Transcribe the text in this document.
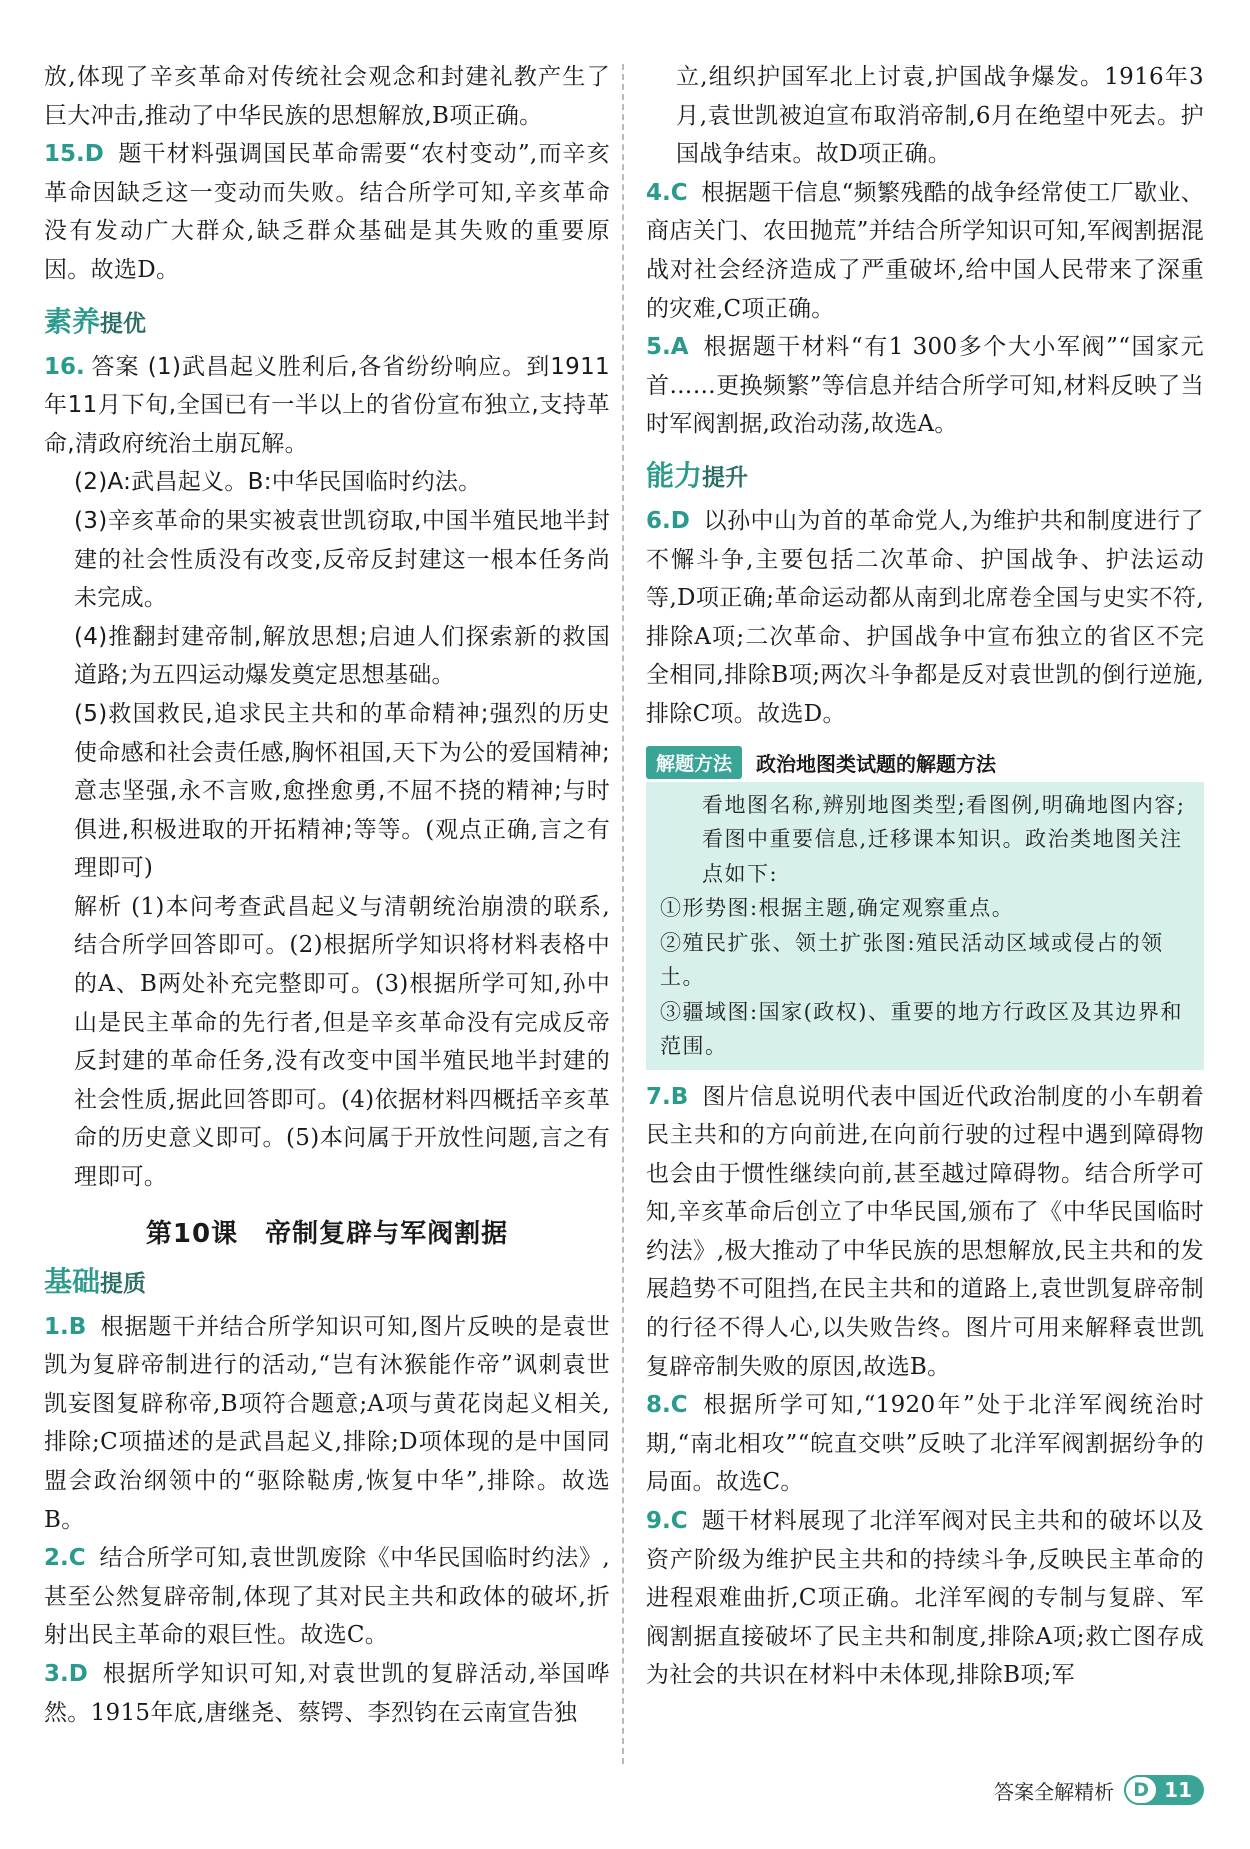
放,体现了辛亥革命对传统社会观念和封建礼教产生了巨大冲击,推动了中华民族的思想解放,B项正确。

15.D 题干材料强调国民革命需要“农村变动”,而辛亥革命因缺乏这一变动而失败。结合所学可知,辛亥革命没有发动广大群众,缺乏群众基础是其失败的重要原因。故选D。

素养提优

16. 答案 (1)武昌起义胜利后,各省纷纷响应。到1911年11月下旬,全国已有一半以上的省份宣布独立,支持革命,清政府统治土崩瓦解。

(2)A:武昌起义。B:中华民国临时约法。

(3)辛亥革命的果实被袁世凯窃取,中国半殖民地半封建的社会性质没有改变,反帝反封建这一根本任务尚未完成。

(4)推翻封建帝制,解放思想;启迪人们探索新的救国道路;为五四运动爆发奠定思想基础。

(5)救国救民,追求民主共和的革命精神;强烈的历史使命感和社会责任感,胸怀祖国,天下为公的爱国精神;意志坚强,永不言败,愈挫愈勇,不屈不挠的精神;与时俱进,积极进取的开拓精神;等等。(观点正确,言之有理即可)

解析 (1)本问考查武昌起义与清朝统治崩溃的联系,结合所学回答即可。(2)根据所学知识将材料表格中的A、B两处补充完整即可。(3)根据所学可知,孙中山是民主革命的先行者,但是辛亥革命没有完成反帝反封建的革命任务,没有改变中国半殖民地半封建的社会性质,据此回答即可。(4)依据材料四概括辛亥革命的历史意义即可。(5)本问属于开放性问题,言之有理即可。

第10课　帝制复辟与军阀割据
基础提质

1.B 根据题干并结合所学知识可知,图片反映的是袁世凯为复辟帝制进行的活动,“岂有沐猴能作帝”讽刺袁世凯妄图复辟称帝,B项符合题意;A项与黄花岗起义相关,排除;C项描述的是武昌起义,排除;D项体现的是中国同盟会政治纲领中的“驱除鞑虏,恢复中华”,排除。故选B。

2.C 结合所学可知,袁世凯废除《中华民国临时约法》,甚至公然复辟帝制,体现了其对民主共和政体的破坏,折射出民主革命的艰巨性。故选C。

3.D 根据所学知识可知,对袁世凯的复辟活动,举国哗然。1915年底,唐继尧、蔡锷、李烈钧在云南宣告独

立,组织护国军北上讨袁,护国战争爆发。1916年3月,袁世凯被迫宣布取消帝制,6月在绝望中死去。护国战争结束。故D项正确。

4.C 根据题干信息“频繁残酷的战争经常使工厂歇业、商店关门、农田抛荒”并结合所学知识可知,军阀割据混战对社会经济造成了严重破坏,给中国人民带来了深重的灾难,C项正确。

5.A 根据题干材料“有1 300多个大小军阀”“国家元首……更换频繁”等信息并结合所学可知,材料反映了当时军阀割据,政治动荡,故选A。

能力提升

6.D 以孙中山为首的革命党人,为维护共和制度进行了不懈斗争,主要包括二次革命、护国战争、护法运动等,D项正确;革命运动都从南到北席卷全国与史实不符,排除A项;二次革命、护国战争中宣布独立的省区不完全相同,排除B项;两次斗争都是反对袁世凯的倒行逆施,排除C项。故选D。

解题方法	政治地图类试题的解题方法

看地图名称,辨别地图类型;看图例,明确地图内容;看图中重要信息,迁移课本知识。政治类地图关注点如下:

①形势图:根据主题,确定观察重点。

②殖民扩张、领土扩张图:殖民活动区域或侵占的领土。

③疆域图:国家(政权)、重要的地方行政区及其边界和范围。

7.B 图片信息说明代表中国近代政治制度的小车朝着民主共和的方向前进,在向前行驶的过程中遇到障碍物也会由于惯性继续向前,甚至越过障碍物。结合所学可知,辛亥革命后创立了中华民国,颁布了《中华民国临时约法》,极大推动了中华民族的思想解放,民主共和的发展趋势不可阻挡,在民主共和的道路上,袁世凯复辟帝制的行径不得人心,以失败告终。图片可用来解释袁世凯复辟帝制失败的原因,故选B。

8.C 根据所学可知,“1920年”处于北洋军阀统治时期,“南北相攻”“皖直交哄”反映了北洋军阀割据纷争的局面。故选C。

9.C 题干材料展现了北洋军阀对民主共和的破坏以及资产阶级为维护民主共和的持续斗争,反映民主革命的进程艰难曲折,C项正确。北洋军阀的专制与复辟、军阀割据直接破坏了民主共和制度,排除A项;救亡图存成为社会的共识在材料中未体现,排除B项;军

答案全解精析	D 11
